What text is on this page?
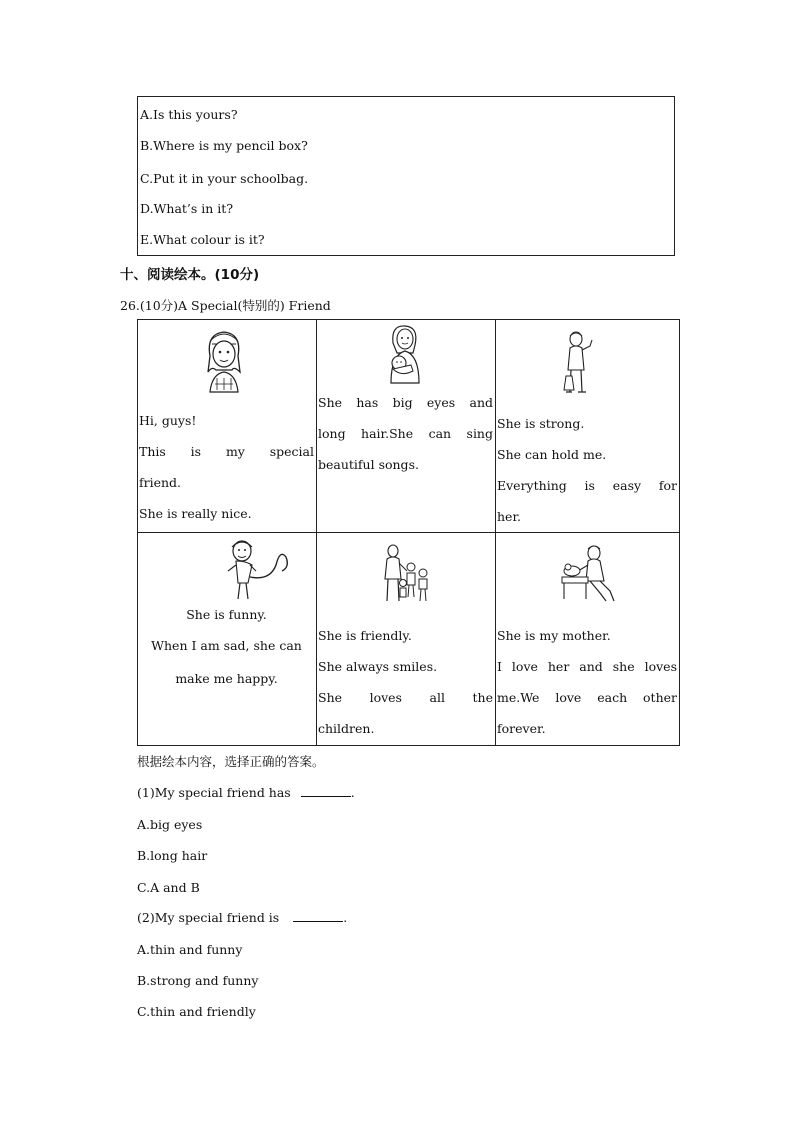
A.Is this yours?
B.Where is my pencil box?
C.Put it in your schoolbag.
D.What’s in it?
E.What colour is it?
十、阅读绘本。(10分)
26.(10分)A Special(特别的) Friend
Hi, guys!
This is my special
friend.
She is really nice.	She has big eyes and
long hair.She can sing
beautiful songs.	She is strong.
She can hold me.
Everything is easy for
her.

She is funny.
When I am sad, she can
make me happy.	She is friendly.
She always smiles.
She loves all the
children.	She is my mother.
I love her and she loves
me.We love each other
forever.
根据绘本内容，选择正确的答案。
(1)My special friend has	.
A.big eyes
B.long hair
C.A and B
(2)My special friend is	.
A.thin and funny
B.strong and funny
C.thin and friendly
